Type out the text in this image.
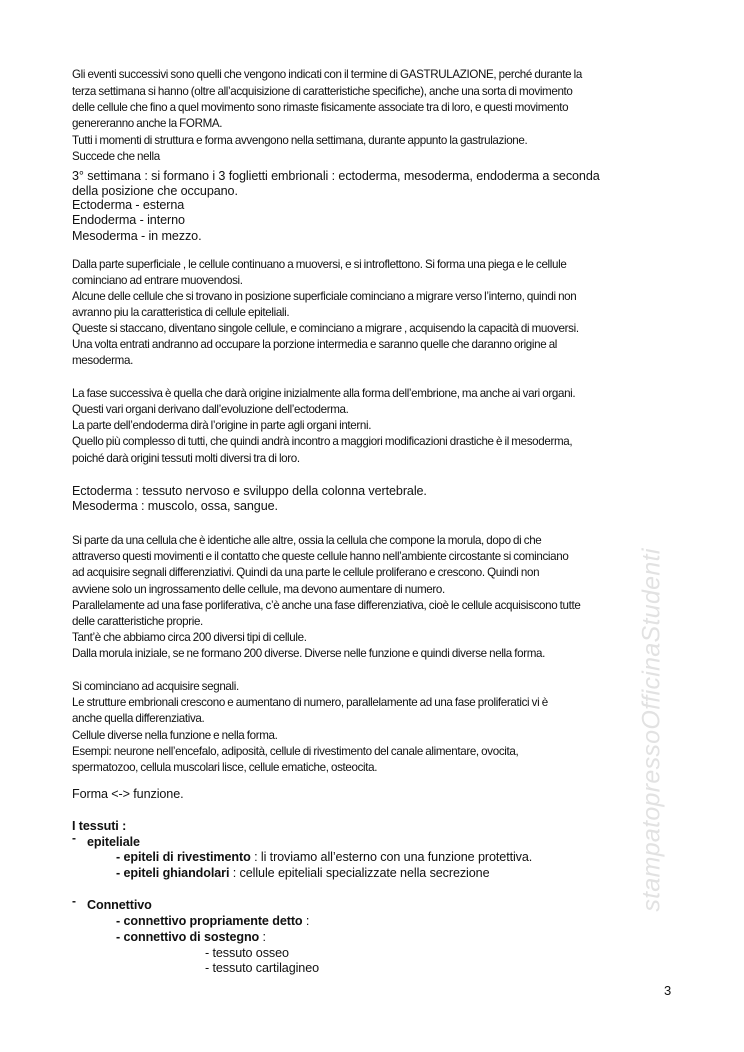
Gli eventi successivi sono quelli che vengono indicati con il termine di GASTRULAZIONE, perché durante la
terza settimana si hanno (oltre all’acquisizione di caratteristiche specifiche), anche una sorta di movimento
delle cellule che fino a quel movimento sono rimaste fisicamente associate tra di loro, e questi movimento
genereranno anche la FORMA.
Tutti i momenti di struttura e forma avvengono nella settimana, durante appunto la gastrulazione.
Succede che nella
3° settimana : si formano i 3 foglietti embrionali : ectoderma, mesoderma, endoderma a seconda
della posizione che occupano.
Ectoderma - esterna
Endoderma - interno
Mesoderma - in mezzo.
Dalla parte superficiale , le cellule continuano a muoversi, e si introflettono. Si forma una piega e le cellule
cominciano ad entrare muovendosi.
Alcune delle cellule che si trovano in posizione superficiale cominciano a migrare verso l’interno, quindi non
avranno piu la caratteristica di cellule epiteliali.
Queste si staccano, diventano singole cellule, e cominciano a migrare , acquisendo la capacità di muoversi.
Una volta entrati andranno ad occupare la porzione intermedia e saranno quelle che daranno origine al
mesoderma.
La fase successiva è quella che darà origine inizialmente alla forma dell’embrione, ma anche ai vari organi.
Questi vari organi derivano dall’evoluzione dell’ectoderma.
La parte dell’endoderma dirà l’origine in parte agli organi interni.
Quello più complesso di tutti, che quindi andrà incontro a maggiori modificazioni drastiche è il mesoderma,
poiché darà origini tessuti molti diversi tra di loro.
Ectoderma : tessuto nervoso e sviluppo della colonna vertebrale.
Mesoderma : muscolo, ossa, sangue.
Si parte da una cellula che è identiche alle altre, ossia la cellula che compone la morula, dopo di che
attraverso questi movimenti e il contatto che queste cellule hanno nell’ambiente circostante si cominciano
ad acquisire segnali differenziativi. Quindi da una parte le cellule proliferano e crescono. Quindi non
avviene solo un ingrossamento delle cellule, ma devono aumentare di numero.
Parallelamente ad una fase porliferativa, c’è anche una fase differenziativa, cioè le cellule acquisiscono tutte
delle caratteristiche proprie.
Tant’è che abbiamo circa 200 diversi tipi di cellule.
Dalla morula iniziale, se ne formano 200 diverse. Diverse nelle funzione e quindi diverse nella forma.
Si cominciano ad acquisire segnali.
Le strutture embrionali crescono e aumentano di numero, parallelamente ad una fase proliferatici vi è
anche quella differenziativa.
Cellule diverse nella funzione e nella forma.
Esempi: neurone nell’encefalo, adiposità, cellule di rivestimento del canale alimentare, ovocita,
spermatozoo, cellula muscolari lisce, cellule ematiche, osteocita.
Forma <-> funzione.
I tessuti :
- epiteliale
- epiteli di rivestimento : li troviamo all’esterno con una funzione protettiva.
- epiteli ghiandolari : cellule epiteliali specializzate nella secrezione
- Connettivo
- connettivo propriamente detto :
- connettivo di sostegno :
- tessuto osseo
- tessuto cartilagineo
stampatopressoOfficinaStudenti
3
